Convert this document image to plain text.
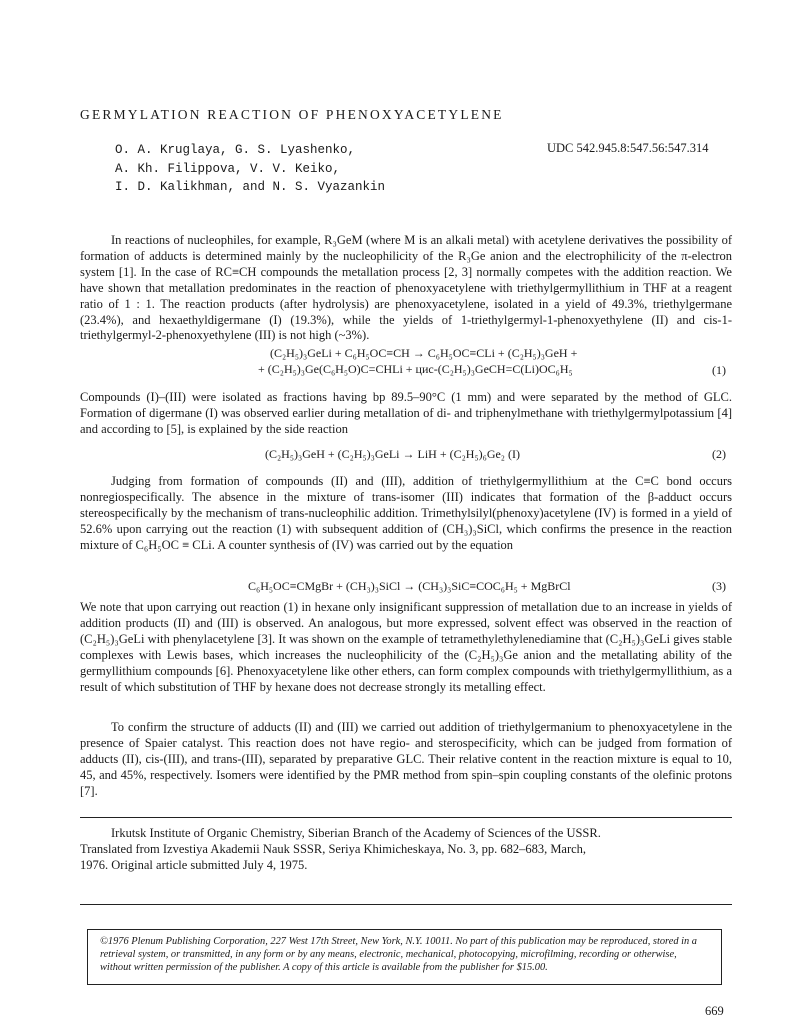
GERMYLATION REACTION OF PHENOXYACETYLENE
O. A. Kruglaya, G. S. Lyashenko,
A. Kh. Filippova, V. V. Keiko,
I. D. Kalikhman, and N. S. Vyazankin
UDC 542.945.8:547.56:547.314

In reactions of nucleophiles, for example, R₃GeM (where M is an alkali metal) with acetylene derivatives the possibility of formation of adducts is determined mainly by the nucleophilicity of the R₃Ge anion and the electrophilicity of the π-electron system [1]. In the case of RC≡CH compounds the metallation process [2, 3] normally competes with the addition reaction. We have shown that metallation predominates in the reaction of phenoxyacetylene with triethylgermyllithium in THF at a reagent ratio of 1 : 1. The reaction products (after hydrolysis) are phenoxyacetylene, isolated in a yield of 49.3%, triethylgermane (23.4%), and hexaethyldigermane (I) (19.3%), while the yields of 1-triethylgermyl-1-phenoxyethylene (II) and cis-1-triethylgermyl-2-phenoxyethylene (III) is not high (~3%).

(C₂H₅)₃GeLi + C₆H₅OC≡CH → C₆H₅OC≡CLi + (C₂H₅)₃GeH +
+ (C₂H₅)₃Ge(C₆H₅O)C=CHLi + цис-(C₂H₅)₃GeCH=C(Li)OC₆H₅	(1)

Compounds (I)–(III) were isolated as fractions having bp 89.5–90°C (1 mm) and were separated by the method of GLC. Formation of digermane (I) was observed earlier during metallation of di- and triphenylmethane with triethylgermylpotassium [4] and according to [5], is explained by the side reaction

(C₂H₅)₃GeH + (C₂H₅)₃GeLi → LiH + (C₂H₅)₆Ge₂ (I)	(2)

Judging from formation of compounds (II) and (III), addition of triethylgermyllithium at the C≡C bond occurs nonregiospecifically. The absence in the mixture of trans-isomer (III) indicates that formation of the β-adduct occurs stereospecifically by the mechanism of trans-nucleophilic addition. Trimethylsilyl(phenoxy)acetylene (IV) is formed in a yield of 52.6% upon carrying out the reaction (1) with subsequent addition of (CH₃)₃SiCl, which confirms the presence in the reaction mixture of C₆H₅OC ≡ CLi. A counter synthesis of (IV) was carried out by the equation

C₆H₅OC≡CMgBr + (CH₃)₃SiCl → (CH₃)₃SiC≡COC₆H₅ + MgBrCl	(3)

We note that upon carrying out reaction (1) in hexane only insignificant suppression of metallation due to an increase in yields of addition products (II) and (III) is observed. An analogous, but more expressed, solvent effect was observed in the reaction of (C₂H₅)₃GeLi with phenylacetylene [3]. It was shown on the example of tetramethylethylenediamine that (C₂H₅)₃GeLi gives stable complexes with Lewis bases, which increases the nucleophilicity of the (C₂H₅)₃Ge anion and the metallating ability of the germyllithium compounds [6]. Phenoxyacetylene like other ethers, can form complex compounds with triethylgermyllithium, as a result of which substitution of THF by hexane does not decrease strongly its metalling effect.

To confirm the structure of adducts (II) and (III) we carried out addition of triethylgermanium to phenoxyacetylene in the presence of Spaier catalyst. This reaction does not have regio- and sterospecificity, which can be judged from formation of adducts (II), cis-(III), and trans-(III), separated by preparative GLC. Their relative content in the reaction mixture is equal to 10, 45, and 45%, respectively. Isomers were identified by the PMR method from spin–spin coupling constants of the olefinic protons [7].

Irkutsk Institute of Organic Chemistry, Siberian Branch of the Academy of Sciences of the USSR.

Translated from Izvestiya Akademii Nauk SSSR, Seriya Khimicheskaya, No. 3, pp. 682–683, March,

1976. Original article submitted July 4, 1975.

©1976 Plenum Publishing Corporation, 227 West 17th Street, New York, N.Y. 10011. No part of this publication may be reproduced, stored in a retrieval system, or transmitted, in any form or by any means, electronic, mechanical, photocopying, microfilming, recording or otherwise, without written permission of the publisher. A copy of this article is available from the publisher for $15.00.
669
